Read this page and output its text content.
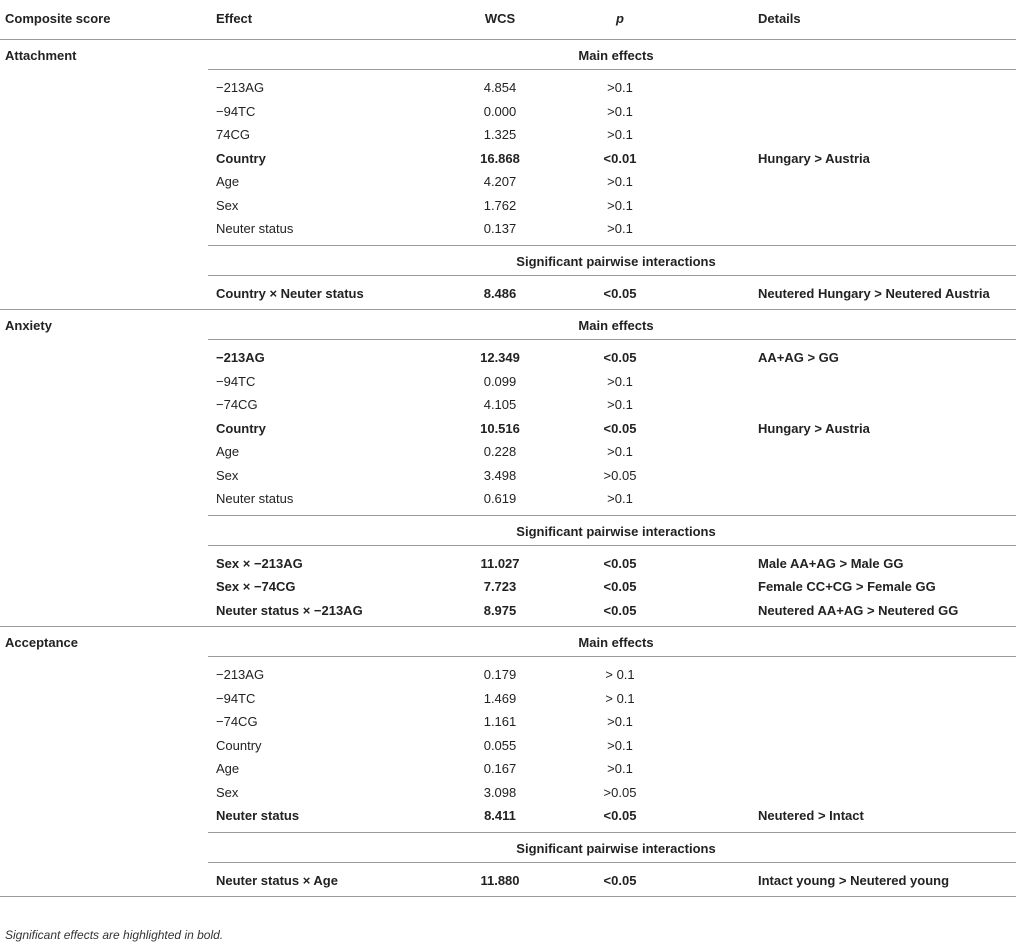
Composite score	Effect	WCS	p	Details
Attachment	Main effects
−213AG	4.854	>0.1
−94TC	0.000	>0.1
74CG	1.325	>0.1
Country	16.868	<0.01	Hungary > Austria
Age	4.207	>0.1
Sex	1.762	>0.1
Neuter status	0.137	>0.1
Significant pairwise interactions
Country × Neuter status	8.486	<0.05	Neutered Hungary > Neutered Austria
Anxiety	Main effects
−213AG	12.349	<0.05	AA+AG > GG
−94TC	0.099	>0.1
−74CG	4.105	>0.1
Country	10.516	<0.05	Hungary > Austria
Age	0.228	>0.1
Sex	3.498	>0.05
Neuter status	0.619	>0.1
Significant pairwise interactions
Sex × −213AG	11.027	<0.05	Male AA+AG > Male GG
Sex × −74CG	7.723	<0.05	Female CC+CG > Female GG
Neuter status × −213AG	8.975	<0.05	Neutered AA+AG > Neutered GG
Acceptance	Main effects
−213AG	0.179	> 0.1
−94TC	1.469	> 0.1
−74CG	1.161	>0.1
Country	0.055	>0.1
Age	0.167	>0.1
Sex	3.098	>0.05
Neuter status	8.411	<0.05	Neutered > Intact
Significant pairwise interactions
Neuter status × Age	11.880	<0.05	Intact young > Neutered young
Significant effects are highlighted in bold.
